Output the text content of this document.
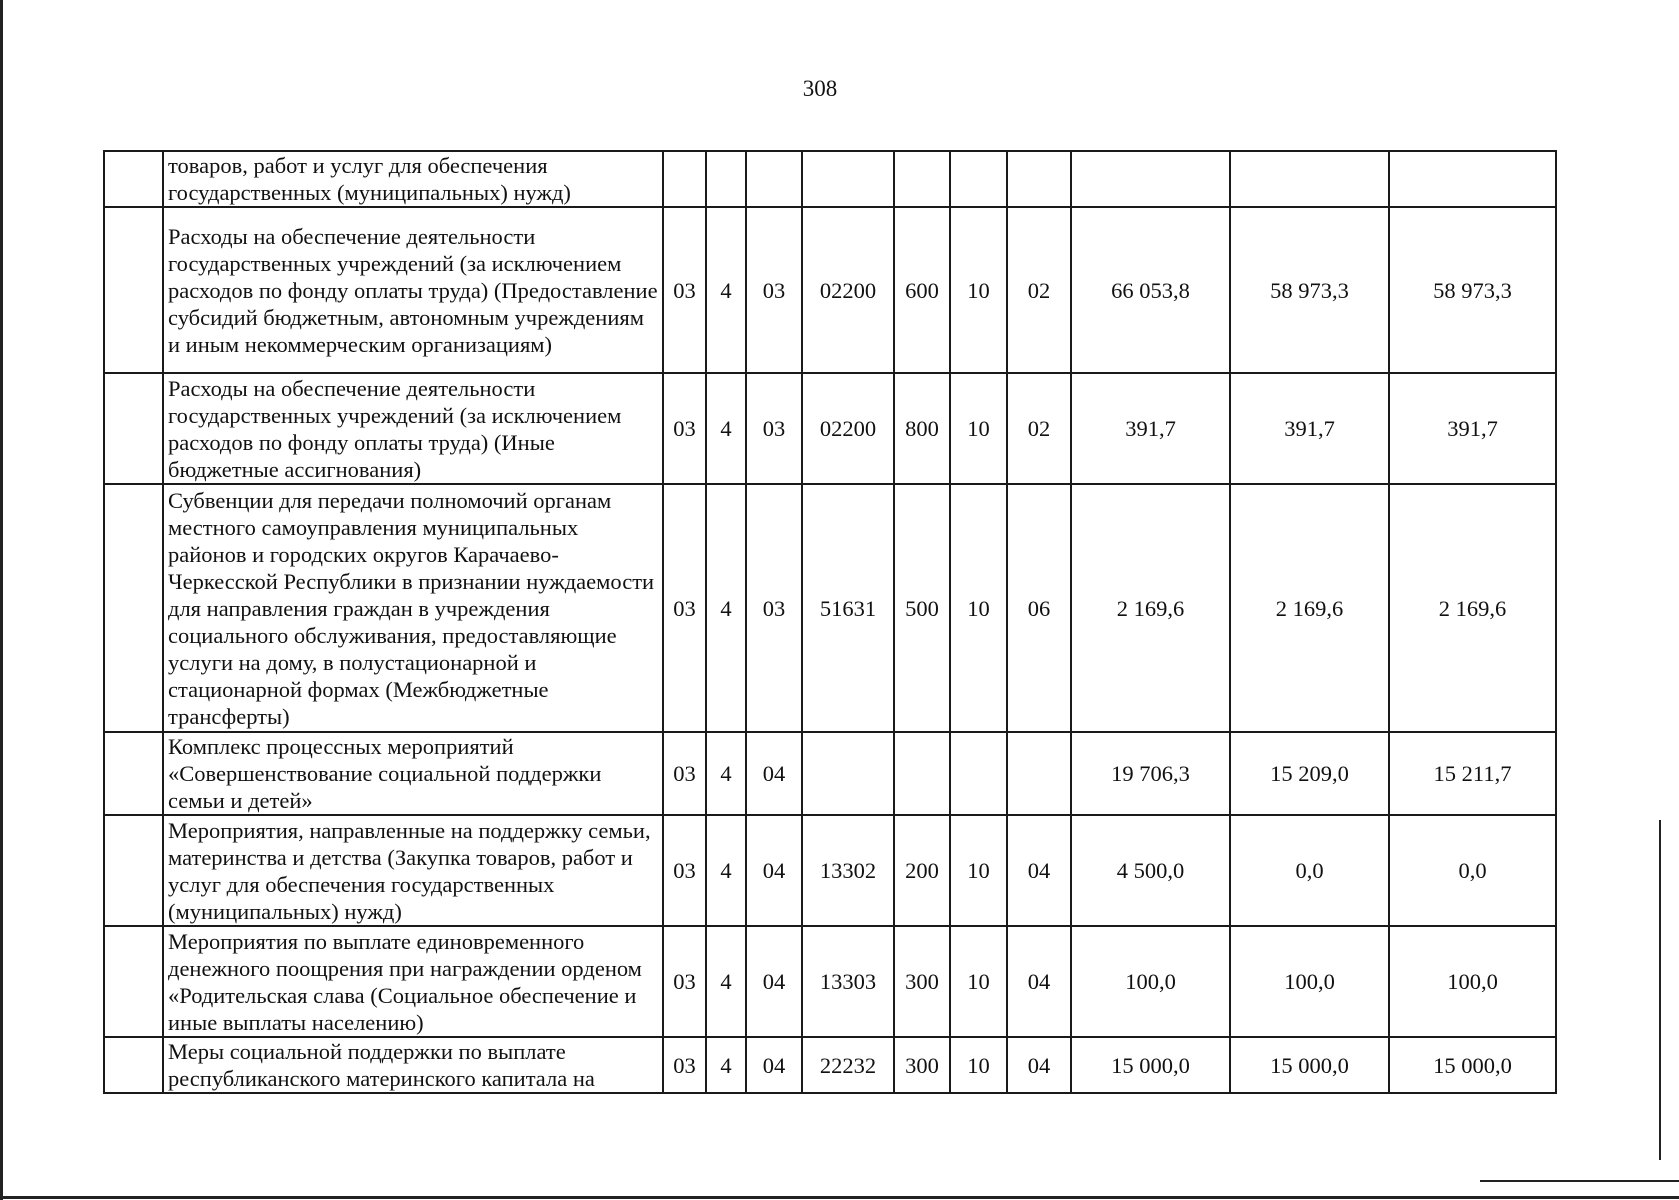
308
	товаров, работ и услуг для обеспечения государственных (муниципальных) нужд)										
	Расходы на обеспечение деятельности государственных учреждений (за исключением расходов по фонду оплаты труда) (Предоставление субсидий бюджетным, автономным учреждениям и иным некоммерческим организациям)	03	4	03	02200	600	10	02	66 053,8	58 973,3	58 973,3
	Расходы на обеспечение деятельности государственных учреждений (за исключением расходов по фонду оплаты труда) (Иные бюджетные ассигнования)	03	4	03	02200	800	10	02	391,7	391,7	391,7
	Субвенции для передачи полномочий органам местного самоуправления муниципальных районов и городских округов Карачаево-Черкесской Республики в признании нуждаемости для направления граждан в учреждения социального обслуживания, предоставляющие услуги на дому, в полустационарной и стационарной формах (Межбюджетные трансферты)	03	4	03	51631	500	10	06	2 169,6	2 169,6	2 169,6
	Комплекс процессных мероприятий «Совершенствование социальной поддержки семьи и детей»	03	4	04					19 706,3	15 209,0	15 211,7
	Мероприятия, направленные на поддержку семьи, материнства и детства (Закупка товаров, работ и услуг для обеспечения государственных (муниципальных) нужд)	03	4	04	13302	200	10	04	4 500,0	0,0	0,0
	Мероприятия по выплате единовременного денежного поощрения при награждении орденом «Родительская слава (Социальное обеспечение и иные выплаты населению)	03	4	04	13303	300	10	04	100,0	100,0	100,0
	Меры социальной поддержки по выплате республиканского материнского капитала на	03	4	04	22232	300	10	04	15 000,0	15 000,0	15 000,0
